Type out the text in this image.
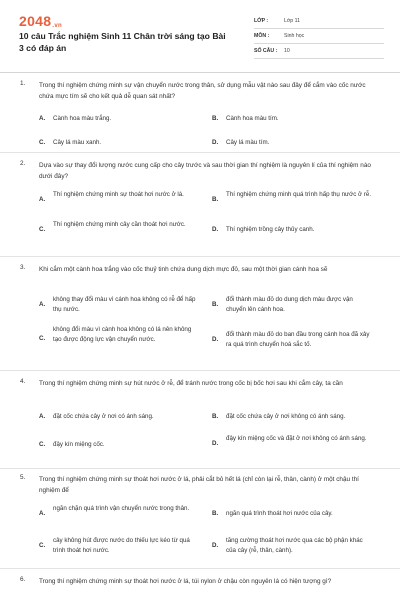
2048.vn
10 câu Trắc nghiệm Sinh 11 Chân trời sáng tạo Bài 3 có đáp án
LỚP :	Lớp 11
MÔN :	Sinh học
SỐ CÂU :	10
1. Trong thí nghiệm chứng minh sự vận chuyển nước trong thân, sử dụng mẫu vật nào sau đây để cắm vào cốc nước chứa mực tím sẽ cho kết quả dễ quan sát nhất?
A. Cành hoa màu trắng.	B. Cành hoa màu tím.
C. Cây lá màu xanh.	D. Cây lá màu tím.
2. Dựa vào sự thay đổi lượng nước cung cấp cho cây trước và sau thời gian thí nghiệm là nguyên lí của thí nghiệm nào dưới đây?
A.
Thí nghiệm chứng minh sự thoát hơi nước ở lá.
B.
Thí nghiệm chứng minh quá trình hấp thụ nước ở rễ.
C.
Thí nghiệm chứng minh cây cần thoát hơi nước.
D. Thí nghiệm trồng cây thủy canh.
3. Khi cắm một cành hoa trắng vào cốc thuỷ tinh chứa dung dịch mực đỏ, sau một thời gian cánh hoa sẽ
A.
không thay đổi màu vì cánh hoa không có rễ để hấp thụ nước.
B.
đổi thành màu đỏ do dung dịch màu được vận chuyển lên cánh hoa.
C.
không đổi màu vì cành hoa không có lá nên không tạo được động lực vận chuyển nước.	D.
đổi thành màu đỏ do ban đầu trong cánh hoa đã xảy ra quá trình chuyển hoá sắc tố.
4. Trong thí nghiệm chứng minh sự hút nước ở rễ, để tránh nước trong cốc bị bốc hơi sau khi cắm cây, ta cần
A. đặt cốc chứa cây ở nơi có ánh sáng.	B. đặt cốc chứa cây ở nơi không có ánh sáng.
C. đậy kín miệng cốc.	D.
đậy kín miệng cốc và đặt ở nơi không có ánh sáng.
5. Trong thí nghiệm chứng minh sự thoát hơi nước ở lá, phải cắt bỏ hết lá (chỉ còn lại rễ, thân, cành) ở một chậu thí nghiệm để
A.
ngăn chặn quá trình vận chuyển nước trong thân.
B. ngăn quá trình thoát hơi nước của cây.
C.
cây không hút được nước do thiếu lực kéo từ quá trình thoát hơi nước.
D.
tăng cường thoát hơi nước qua các bộ phận khác của cây (rễ, thân, cành).
6. Trong thí nghiệm chứng minh sự thoát hơi nước ở lá, túi nylon ở chậu còn nguyên lá có hiện tượng gì?
